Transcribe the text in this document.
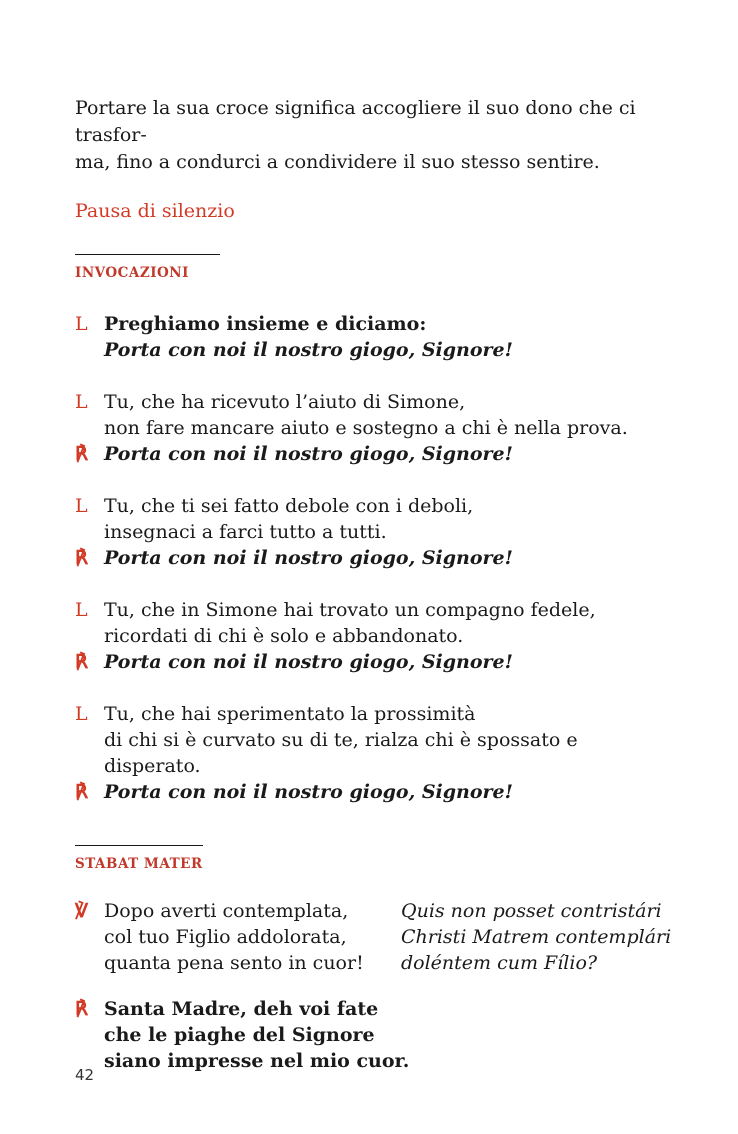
Portare la sua croce significa accogliere il suo dono che ci trasfor-
ma, fino a condurci a condividere il suo stesso sentire.

Pausa di silenzio
INVOCAZIONI
L Preghiamo insieme e diciamo:
Porta con noi il nostro giogo, Signore!
L Tu, che ha ricevuto l’aiuto di Simone,
non fare mancare aiuto e sostegno a chi è nella prova.
℟ Porta con noi il nostro giogo, Signore!
L Tu, che ti sei fatto debole con i deboli,
insegnaci a farci tutto a tutti.
℟ Porta con noi il nostro giogo, Signore!
L Tu, che in Simone hai trovato un compagno fedele,
ricordati di chi è solo e abbandonato.
℟ Porta con noi il nostro giogo, Signore!
L Tu, che hai sperimentato la prossimità
di chi si è curvato su di te, rialza chi è spossato e disperato.
℟ Porta con noi il nostro giogo, Signore!
STABAT MATER
℣ Dopo averti contemplata,
col tuo Figlio addolorata,
quanta pena sento in cuor!
Quis non posset contristári
Christi Matrem contemplári
doléntem cum Fílio?
℟ Santa Madre, deh voi fate
che le piaghe del Signore
siano impresse nel mio cuor.
42
